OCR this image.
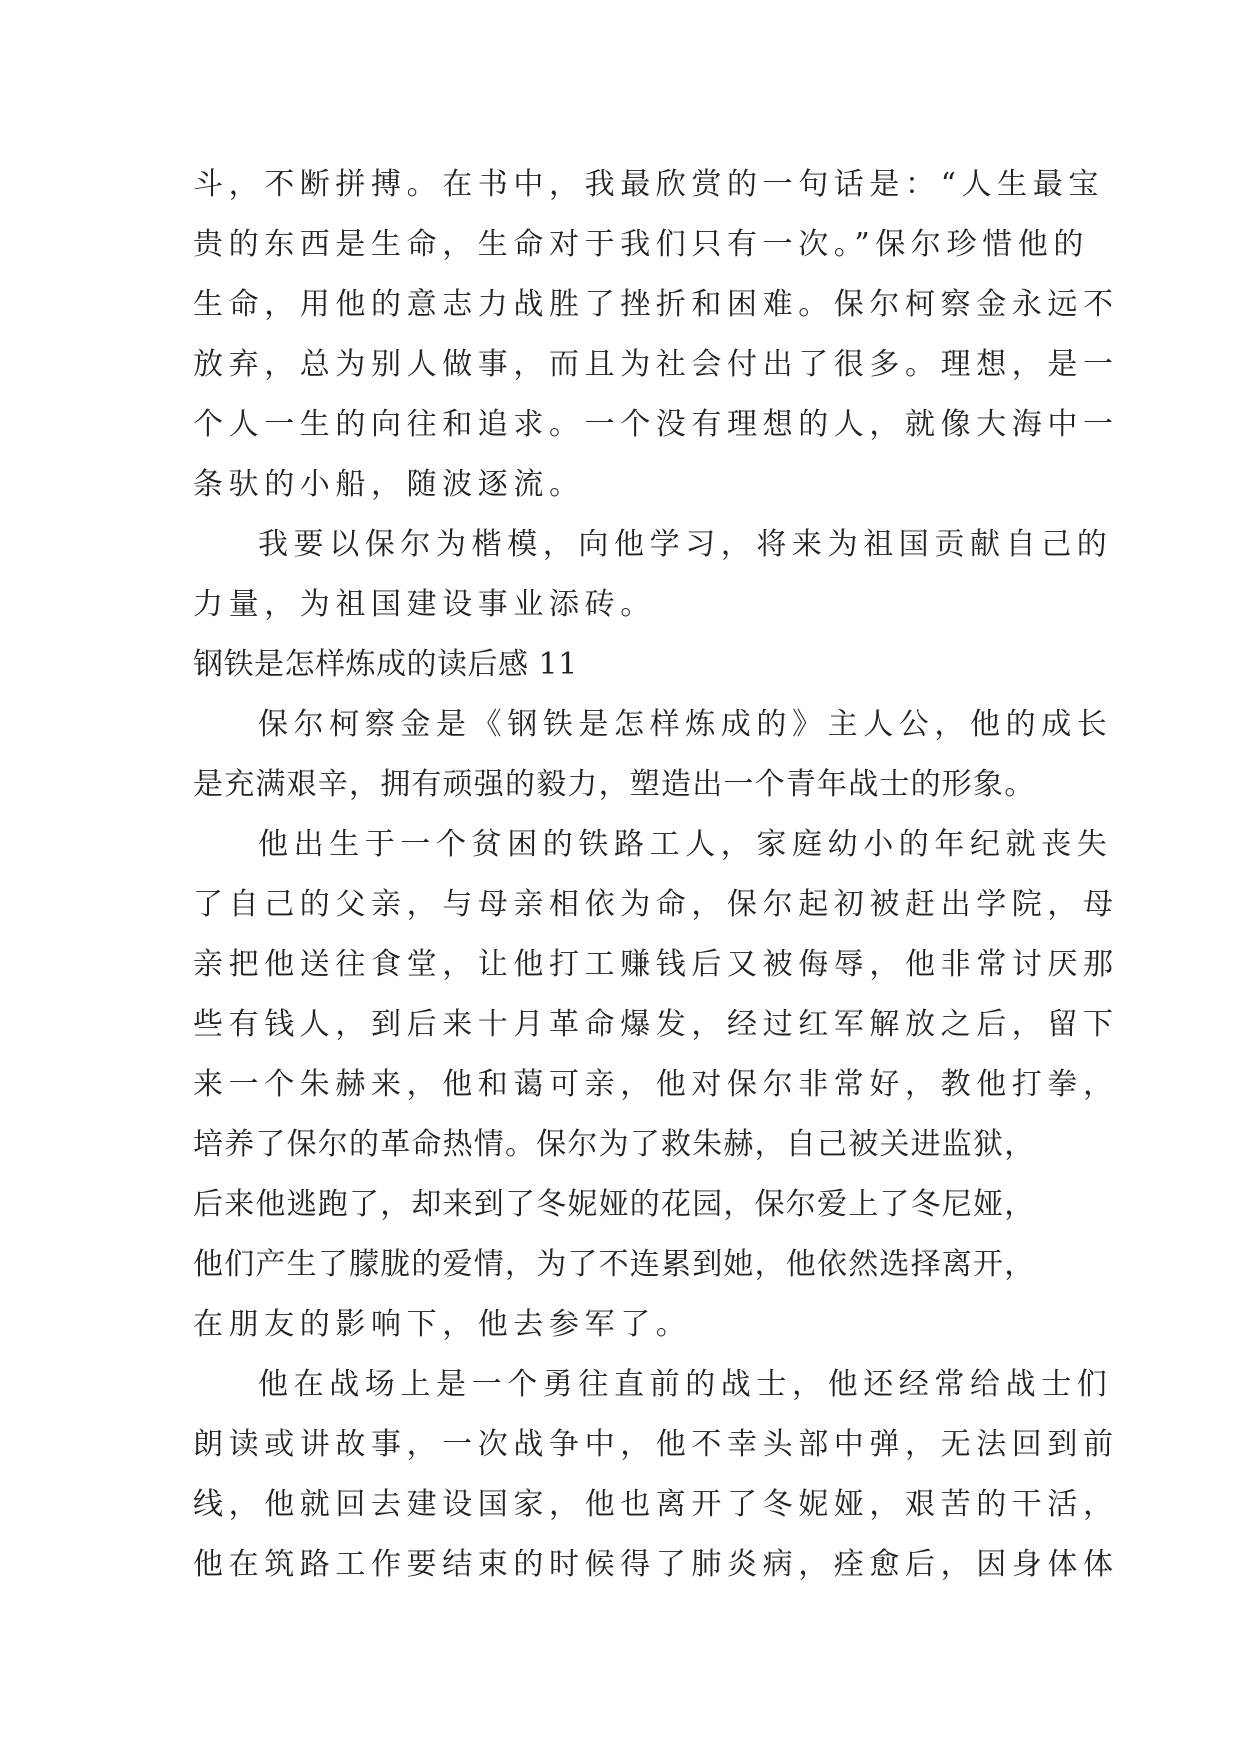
斗，不断拼搏。在书中，我最欣赏的一句话是：“人生最宝
贵的东西是生命，生命对于我们只有一次。”保尔珍惜他的
生命，用他的意志力战胜了挫折和困难。保尔柯察金永远不
放弃，总为别人做事，而且为社会付出了很多。理想，是一
个人一生的向往和追求。一个没有理想的人，就像大海中一
条驮的小船，随波逐流。
我要以保尔为楷模，向他学习，将来为祖国贡献自己的
力量，为祖国建设事业添砖。
钢铁是怎样炼成的读后感 11
保尔柯察金是《钢铁是怎样炼成的》主人公，他的成长
是充满艰辛，拥有顽强的毅力，塑造出一个青年战士的形象。
他出生于一个贫困的铁路工人，家庭幼小的年纪就丧失
了自己的父亲，与母亲相依为命，保尔起初被赶出学院，母
亲把他送往食堂，让他打工赚钱后又被侮辱，他非常讨厌那
些有钱人，到后来十月革命爆发，经过红军解放之后，留下
来一个朱赫来，他和蔼可亲，他对保尔非常好，教他打拳，
培养了保尔的革命热情。保尔为了救朱赫，自己被关进监狱，
后来他逃跑了，却来到了冬妮娅的花园，保尔爱上了冬尼娅，
他们产生了朦胧的爱情，为了不连累到她，他依然选择离开，
在朋友的影响下，他去参军了。
他在战场上是一个勇往直前的战士，他还经常给战士们
朗读或讲故事，一次战争中，他不幸头部中弹，无法回到前
线，他就回去建设国家，他也离开了冬妮娅，艰苦的干活，
他在筑路工作要结束的时候得了肺炎病，痊愈后，因身体体
